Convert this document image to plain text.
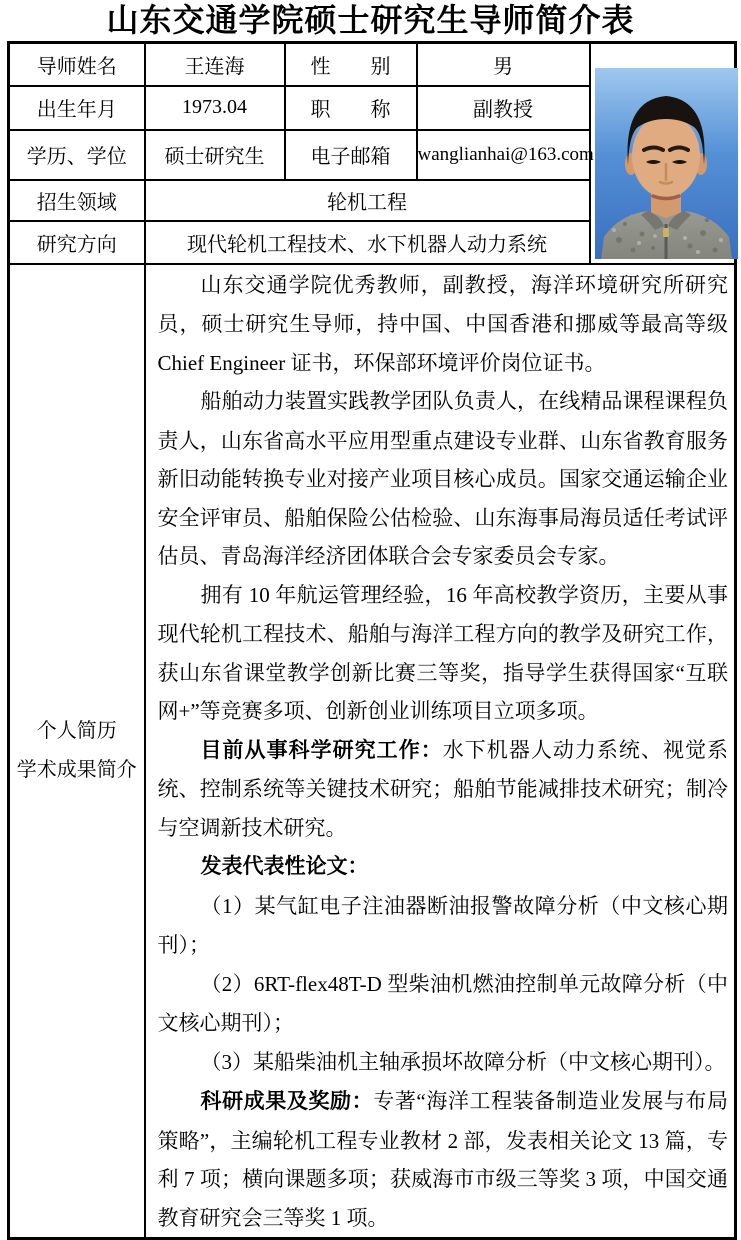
山东交通学院硕士研究生导师简介表
导师姓名	王连海	性　　别	男	

出生年月	1973.04	职　　称	副教授	
学历、学位	硕士研究生	电子邮箱	wanglianhai@163.com	
招生领域	轮机工程			
研究方向	现代轮机工程技术、水下机器人动力系统			

个人简历
学术成果简介

山东交通学院优秀教师，副教授，海洋环境研究所研究员，硕士研究生导师，持中国、中国香港和挪威等最高等级 Chief Engineer 证书，环保部环境评价岗位证书。

船舶动力装置实践教学团队负责人，在线精品课程课程负责人，山东省高水平应用型重点建设专业群、山东省教育服务新旧动能转换专业对接产业项目核心成员。国家交通运输企业安全评审员、船舶保险公估检验、山东海事局海员适任考试评估员、青岛海洋经济团体联合会专家委员会专家。

拥有 10 年航运管理经验，16 年高校教学资历，主要从事现代轮机工程技术、船舶与海洋工程方向的教学及研究工作，获山东省课堂教学创新比赛三等奖，指导学生获得国家“互联网+”等竞赛多项、创新创业训练项目立项多项。

目前从事科学研究工作：水下机器人动力系统、视觉系统、控制系统等关键技术研究；船舶节能减排技术研究；制冷与空调新技术研究。

发表代表性论文：

（1）某气缸电子注油器断油报警故障分析（中文核心期刊）；

（2）6RT-flex48T-D 型柴油机燃油控制单元故障分析（中文核心期刊）；

（3）某船柴油机主轴承损坏故障分析（中文核心期刊）。

科研成果及奖励：专著“海洋工程装备制造业发展与布局策略”，主编轮机工程专业教材 2 部，发表相关论文 13 篇，专利 7 项；横向课题多项；获威海市市级三等奖 3 项，中国交通教育研究会三等奖 1 项。
